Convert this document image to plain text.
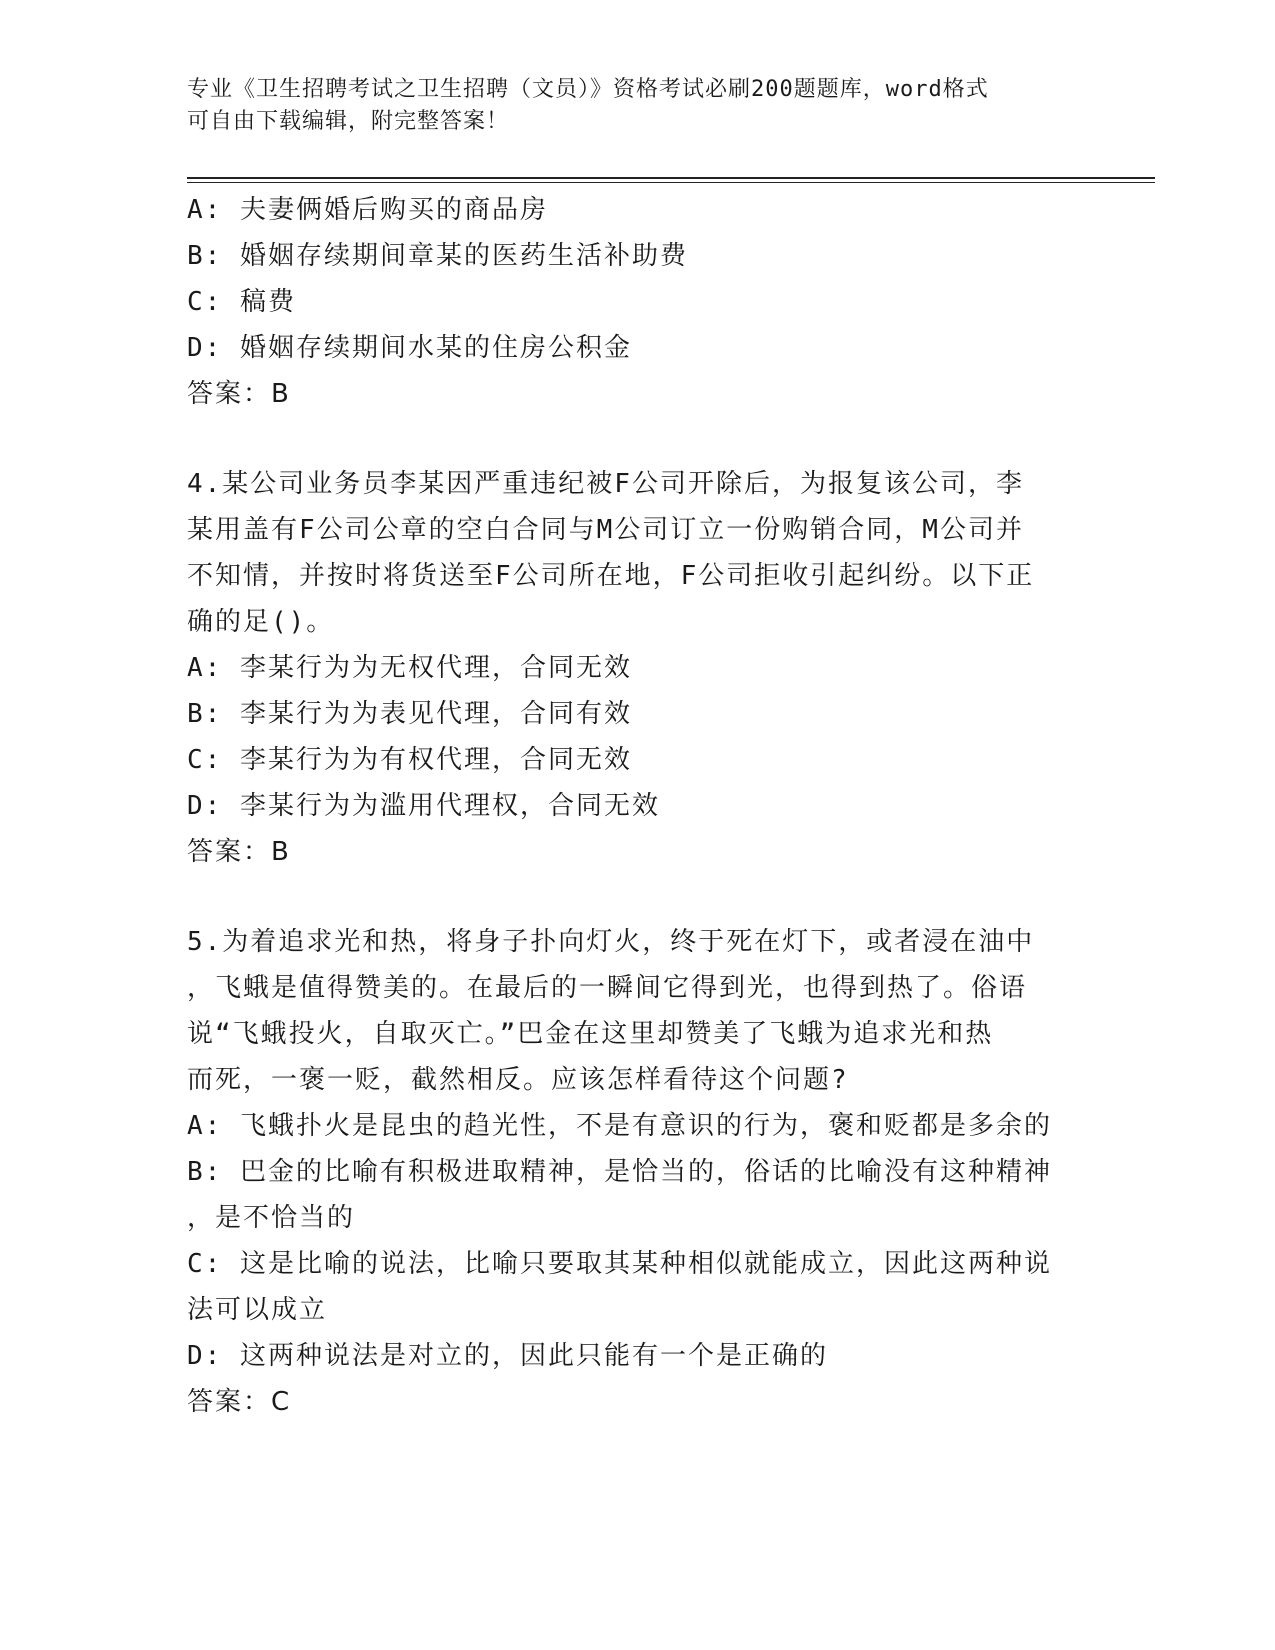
专业《卫生招聘考试之卫生招聘（文员）》资格考试必刷200题题库，word格式
可自由下载编辑，附完整答案！
A: 夫妻俩婚后购买的商品房
B: 婚姻存续期间章某的医药生活补助费
C: 稿费
D: 婚姻存续期间水某的住房公积金
答案：B
4.某公司业务员李某因严重违纪被F公司开除后，为报复该公司，李
某用盖有F公司公章的空白合同与M公司订立一份购销合同，M公司并
不知情，并按时将货送至F公司所在地，F公司拒收引起纠纷。以下正
确的足()。
A: 李某行为为无权代理，合同无效
B: 李某行为为表见代理，合同有效
C: 李某行为为有权代理，合同无效
D: 李某行为为滥用代理权，合同无效
答案：B
5.为着追求光和热，将身子扑向灯火，终于死在灯下，或者浸在油中
，飞蛾是值得赞美的。在最后的一瞬间它得到光，也得到热了。俗语
说“飞蛾投火，自取灭亡。”巴金在这里却赞美了飞蛾为追求光和热
而死，一褒一贬，截然相反。应该怎样看待这个问题?
A: 飞蛾扑火是昆虫的趋光性，不是有意识的行为，褒和贬都是多余的
B: 巴金的比喻有积极进取精神，是恰当的，俗话的比喻没有这种精神
，是不恰当的
C: 这是比喻的说法，比喻只要取其某种相似就能成立，因此这两种说
法可以成立
D: 这两种说法是对立的，因此只能有一个是正确的
答案：C
